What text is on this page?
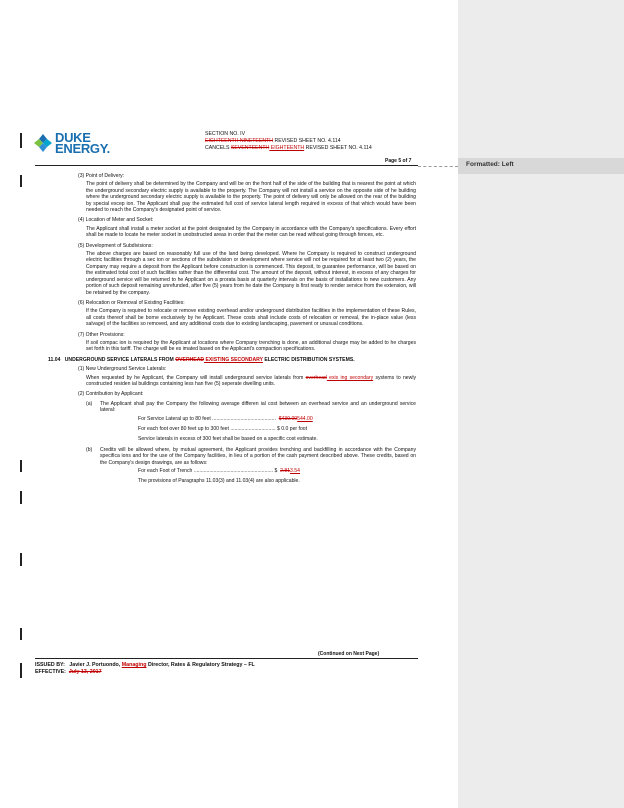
Formatted: Left
DUKE
ENERGY.
SECTION NO. IV
EIGHTEENTH NINETEENTH REVISED SHEET NO. 4.114
CANCELS SEVENTEENTH EIGHTEENTH REVISED SHEET NO. 4.114
Page 5 of 7
(3) Point of Delivery:
The point of delivery shall be determined by the Company and will be on the front half of the side of the building that is nearest the point at which the underground secondary electric supply is available to the property. The Company will not install a service on the opposite side of he building where the underground secondary electric supply is available to the property. The point of delivery will only be allowed on the rear of the building by special excep ion. The Applicant shall pay the estimated full cost of service lateral length required in excess of that which would have been needed to reach the Company's designated point of service.
(4) Location of Meter and Socket:
The Applicant shall install a meter socket at the point designated by the Company in accordance with the Company's specifications. Every effort shall be made to locate he meter socket in unobstructed areas in order that the meter can be read without going through fences, etc.
(5) Development of Subdivisions:
The above charges are based on reasonably full use of the land being developed. Where he Company is required to construct underground electric facilities through a sec ion or sections of the subdivision or development where service will not be required for at least two (2) years, the Company may require a deposit from the Applicant before construction is commenced. This deposit, to guarantee performance, will be based on the estimated total cost of such facilities rather than the differential cost. The amount of the deposit, without interest, in excess of any charges for underground service will be returned to he Applicant on a prorata basis at quarterly intervals on the basis of installations to new customers. Any portion of such deposit remaining unrefunded, after five (5) years from he date the Company is first ready to render service from the extension, will be retained by the company.
(6) Relocation or Removal of Existing Facilities:
If the Company is required to relocate or remove existing overhead and/or underground distribution facilities in the implementation of these Rules, all costs thereof shall be borne exclusively by he Applicant. These costs shall include costs of relocation or removal, the in-place value (less salvage) of the facilities so removed, and any additional costs due to existing landscaping, pavement or unusual conditions.
(7) Other Provisions:
If soil compac ion is required by the Applicant at locations where Company trenching is done, an additional charge may be added to he charges set forth in this tariff. The charge will be es imated based on the Applicant's compaction specifications.
11.04 UNDERGROUND SERVICE LATERALS FROM OVERHEAD EXISTING SECONDARY ELECTRIC DISTRIBUTION SYSTEMS.
(1) New Underground Service Laterals:
When requested by he Applicant, the Company will install underground service laterals from overhead exis ing secondary systems to newly constructed residen ial buildings containing less han five (5) seperate dwelling units.
(2) Contribution by Applicant:
(a)	The Applicant shall pay the Company the following average differen ial cost between an overhead service and an underground service lateral:
For Service Lateral up to 80 feet ............................................. $439.00544.00
For each foot over 80 feet up to 300 feet ................................ $ 0.0 per foot
Service laterals in excess of 300 feet shall be based on a specific cost estimate.
(b)	Credits will be allowed where, by mutual agreement, the Applicant provides trenching and backfilling in accordance with the Company specifica ions and for the use of the Company facilities, in lieu of a portion of the cash payment described above. These credits, based on the Company's design drawings, are as follows:
For each Foot of Trench ........................................................ $ 2.813.54
The provisions of Paragraphs 11.03(3) and 11.03(4) are also applicable.
(Continued on Next Page)
ISSUED BY: Javier J. Portuondo, Managing Director, Rates & Regulatory Strategy – FL
EFFECTIVE: July 13, 2017
